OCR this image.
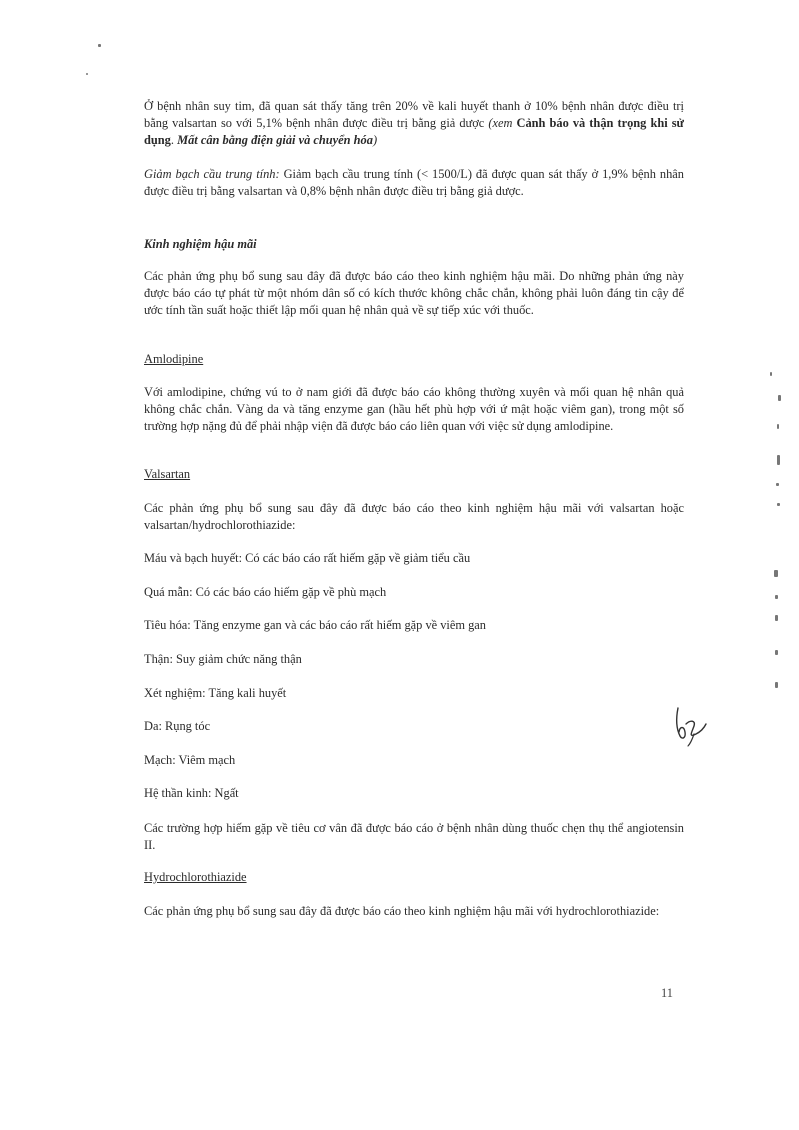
Ở bệnh nhân suy tim, đã quan sát thấy tăng trên 20% về kali huyết thanh ở 10% bệnh nhân được điều trị bằng valsartan so với 5,1% bệnh nhân được điều trị bằng giả dược (xem Cảnh báo và thận trọng khi sử dụng. Mất cân bằng điện giải và chuyển hóa)

Giảm bạch cầu trung tính: Giảm bạch cầu trung tính (< 1500/L) đã được quan sát thấy ở 1,9% bệnh nhân được điều trị bằng valsartan và 0,8% bệnh nhân được điều trị bằng giả dược.

Kinh nghiệm hậu mãi

Các phản ứng phụ bổ sung sau đây đã được báo cáo theo kinh nghiệm hậu mãi. Do những phản ứng này được báo cáo tự phát từ một nhóm dân số có kích thước không chắc chắn, không phải luôn đáng tin cậy để ước tính tần suất hoặc thiết lập mối quan hệ nhân quả về sự tiếp xúc với thuốc.

Amlodipine

Với amlodipine, chứng vú to ở nam giới đã được báo cáo không thường xuyên và mối quan hệ nhân quả không chắc chắn. Vàng da và tăng enzyme gan (hầu hết phù hợp với ứ mật hoặc viêm gan), trong một số trường hợp nặng đủ để phải nhập viện đã được báo cáo liên quan với việc sử dụng amlodipine.

Valsartan

Các phản ứng phụ bổ sung sau đây đã được báo cáo theo kinh nghiệm hậu mãi với valsartan hoặc valsartan/hydrochlorothiazide:

Máu và bạch huyết: Có các báo cáo rất hiếm gặp về giảm tiểu cầu

Quá mẫn: Có các báo cáo hiếm gặp về phù mạch

Tiêu hóa: Tăng enzyme gan và các báo cáo rất hiếm gặp về viêm gan

Thận: Suy giảm chức năng thận

Xét nghiệm: Tăng kali huyết

Da: Rụng tóc

Mạch: Viêm mạch

Hệ thần kinh: Ngất

Các trường hợp hiếm gặp về tiêu cơ vân đã được báo cáo ở bệnh nhân dùng thuốc chẹn thụ thể angiotensin II.

Hydrochlorothiazide

Các phản ứng phụ bổ sung sau đây đã được báo cáo theo kinh nghiệm hậu mãi với hydrochlorothiazide:

11
